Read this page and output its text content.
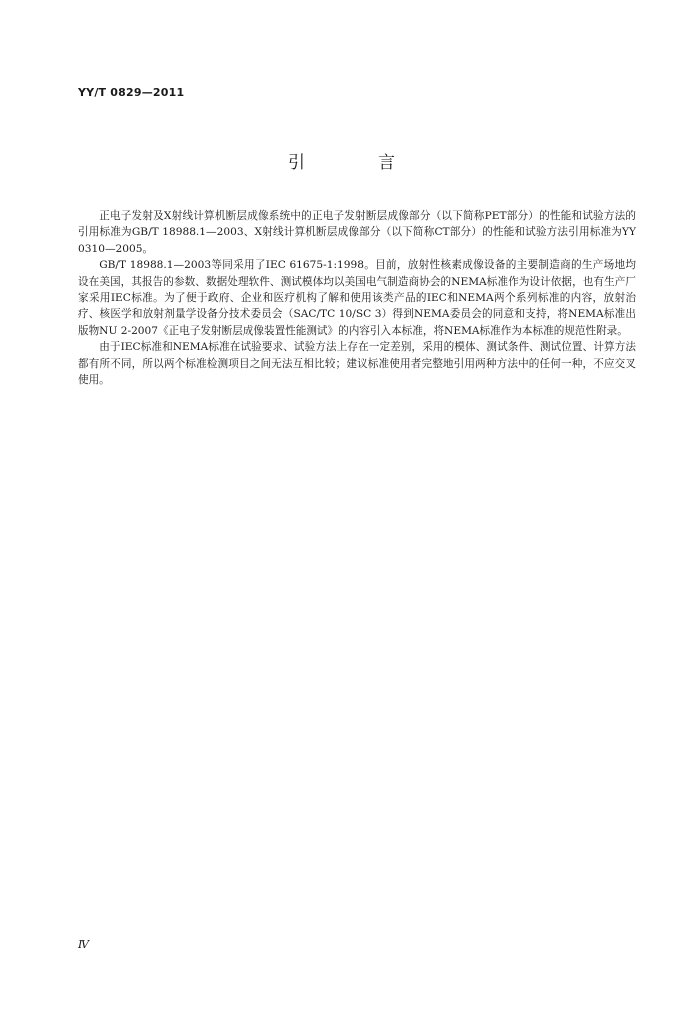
YY/T 0829—2011
引　言

正电子发射及X射线计算机断层成像系统中的正电子发射断层成像部分（以下简称PET部分）的性能和试验方法的引用标准为GB/T 18988.1—2003、X射线计算机断层成像部分（以下简称CT部分）的性能和试验方法引用标准为YY 0310—2005。

GB/T 18988.1—2003等同采用了IEC 61675-1:1998。目前，放射性核素成像设备的主要制造商的生产场地均设在美国，其报告的参数、数据处理软件、测试模体均以美国电气制造商协会的NEMA标准作为设计依据，也有生产厂家采用IEC标准。为了便于政府、企业和医疗机构了解和使用该类产品的IEC和NEMA两个系列标准的内容，放射治疗、核医学和放射剂量学设备分技术委员会（SAC/TC 10/SC 3）得到NEMA委员会的同意和支持，将NEMA标准出版物NU 2-2007《正电子发射断层成像装置性能测试》的内容引入本标准，将NEMA标准作为本标准的规范性附录。

由于IEC标准和NEMA标准在试验要求、试验方法上存在一定差别，采用的模体、测试条件、测试位置、计算方法都有所不同，所以两个标准检测项目之间无法互相比较；建议标准使用者完整地引用两种方法中的任何一种，不应交叉使用。

Ⅳ
